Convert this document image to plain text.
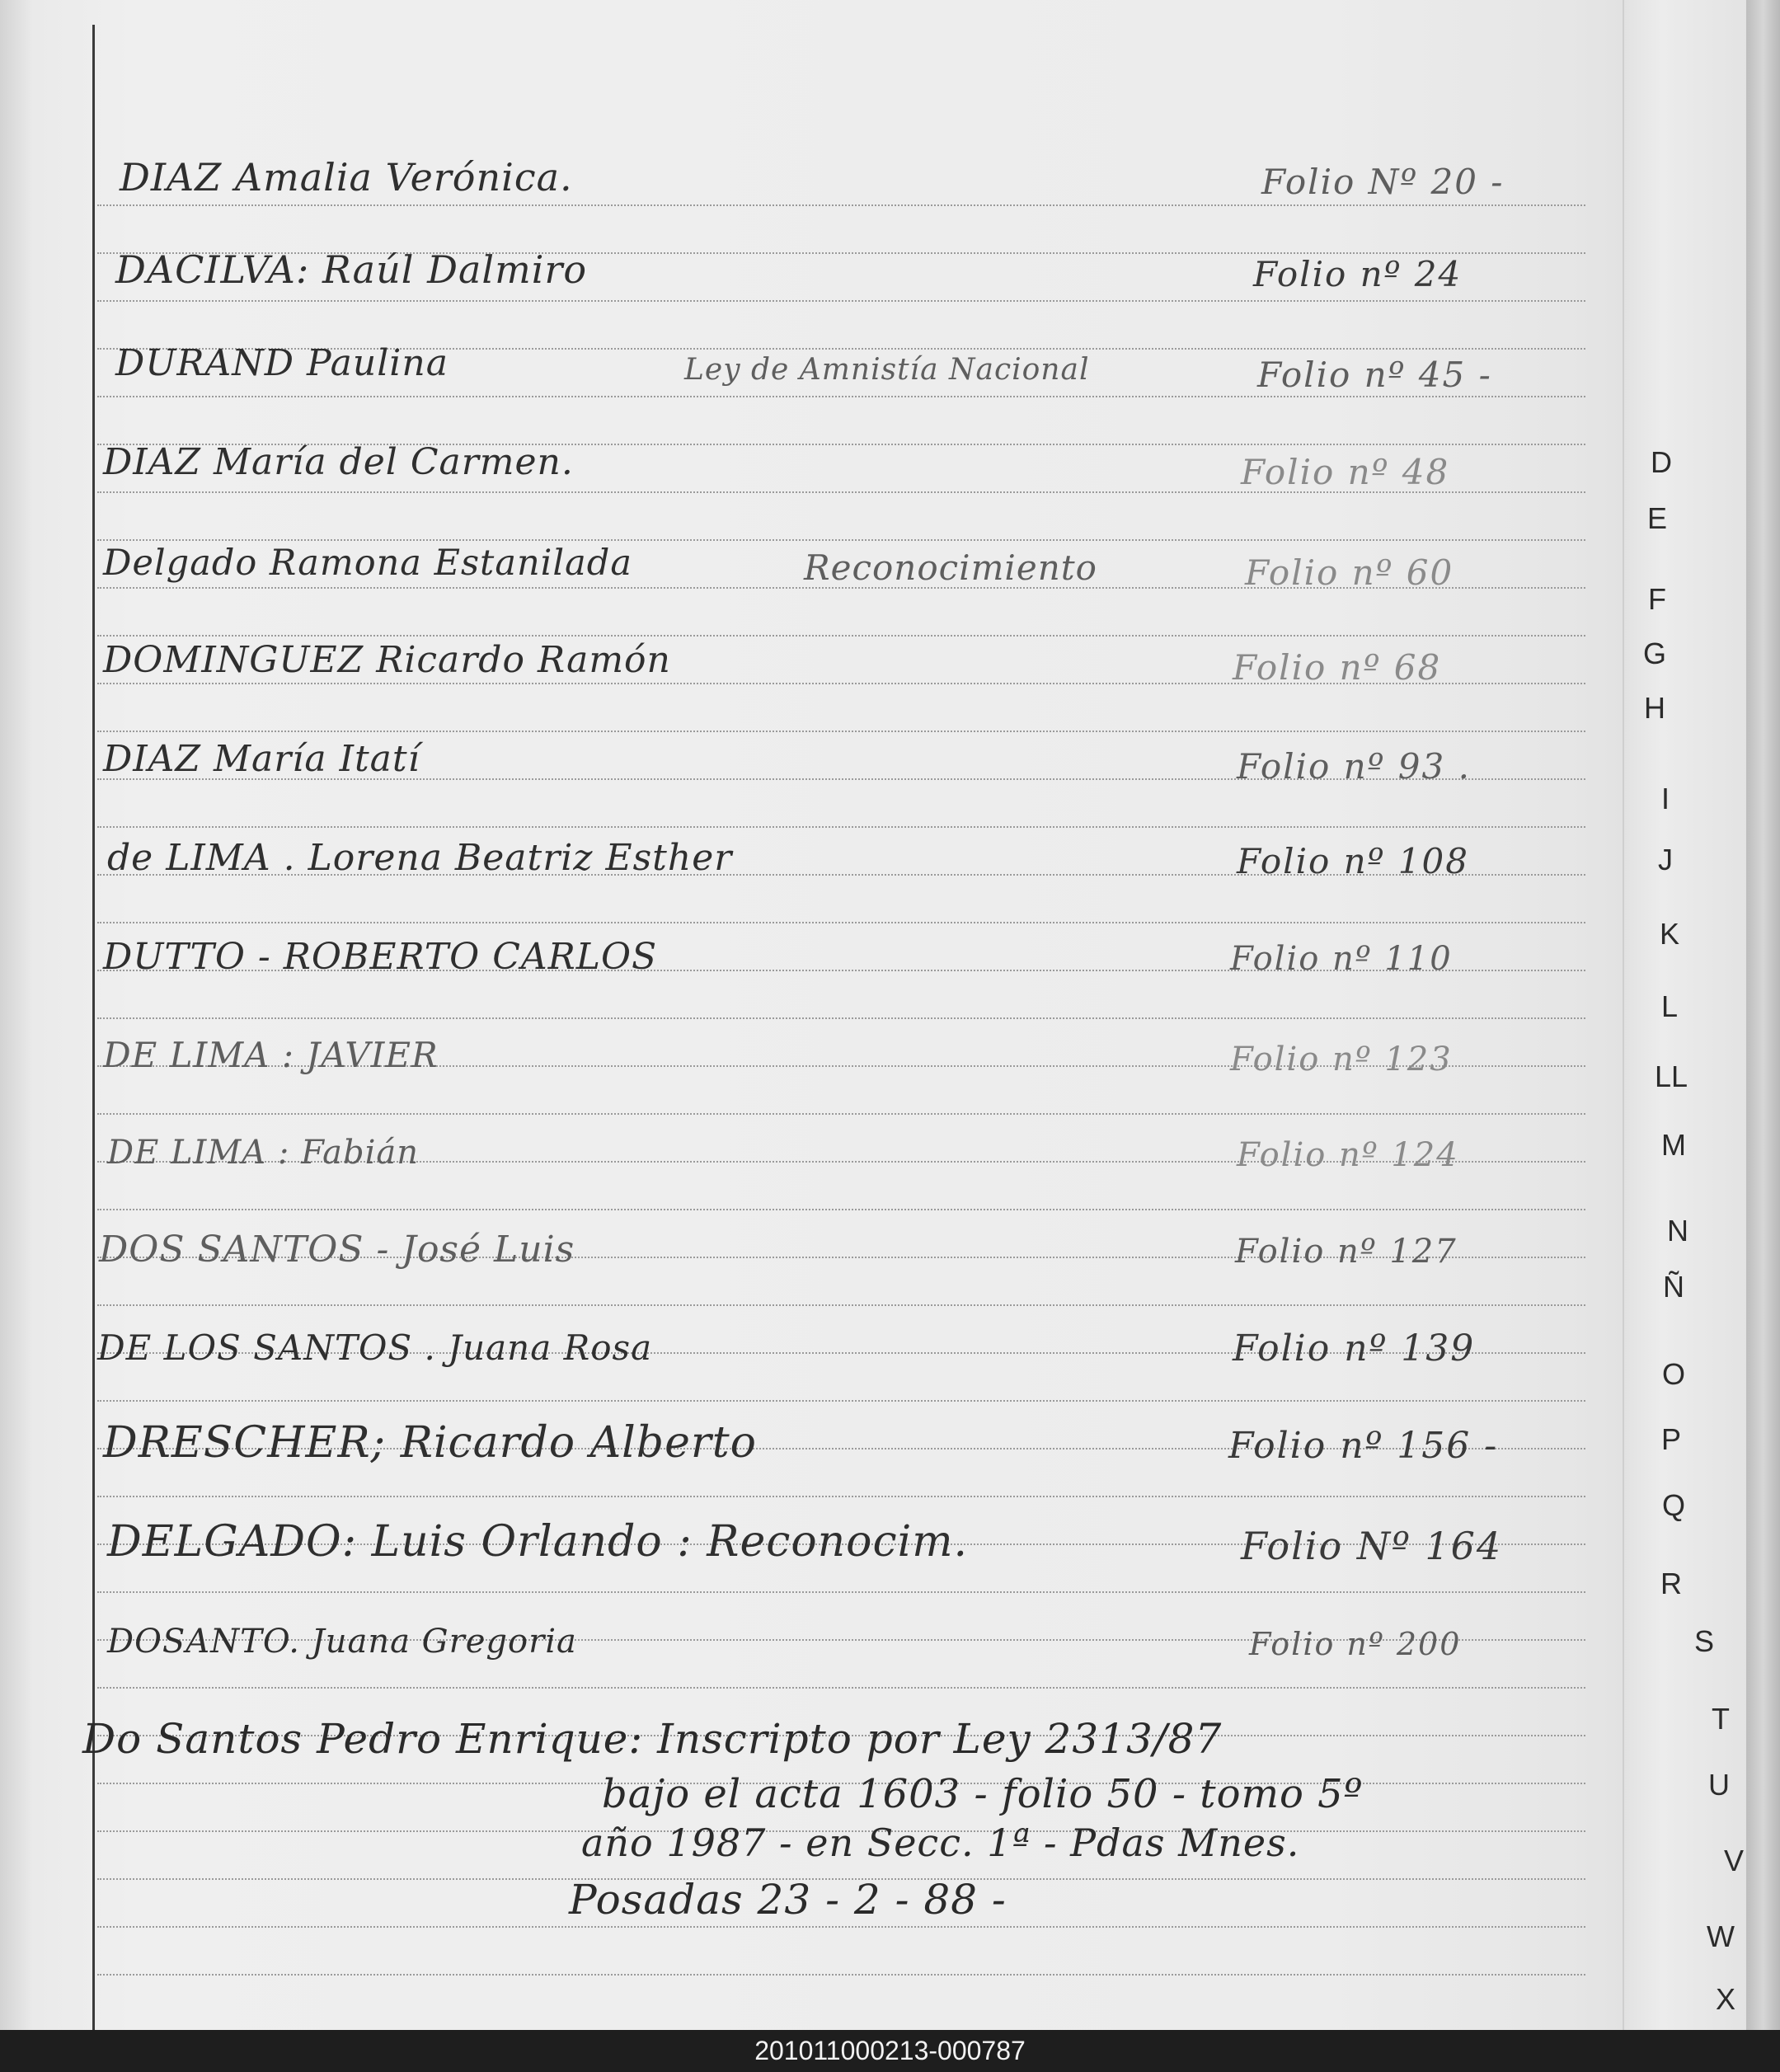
DIAZ Amalia Verónica.	Folio Nº 20 -
DACILVA: Raúl Dalmiro	Folio nº 24
DURAND Paulina	Ley de Amnistía Nacional	Folio nº 45 -
DIAZ María del Carmen.	Folio nº 48
Delgado Ramona Estanilada	Reconocimiento	Folio nº 60
DOMINGUEZ Ricardo Ramón	Folio nº 68
DIAZ María Itatí	Folio nº 93 .
de LIMA . Lorena Beatriz Esther	Folio nº 108
DUTTO - ROBERTO CARLOS	Folio nº 110
DE LIMA : JAVIER	Folio nº 123
DE LIMA : Fabián	Folio nº 124
DOS SANTOS - José Luis	Folio nº 127
DE LOS SANTOS . Juana Rosa	Folio nº 139
DRESCHER; Ricardo Alberto	Folio nº 156 -
DELGADO: Luis Orlando : Reconocim.	Folio Nº 164
DOSANTO. Juana Gregoria	Folio nº 200
Do Santos Pedro Enrique: Inscripto por Ley 2313/87
bajo el acta 1603 - folio 50 - tomo 5º
año 1987 - en Secc. 1ª - Pdas Mnes.
Posadas 23 - 2 - 88 -
D
E
F
G
H
I
J
K
L
LL
M
N
Ñ
O
P
Q
R
S
T
U
V
W
X
201011000213-000787
